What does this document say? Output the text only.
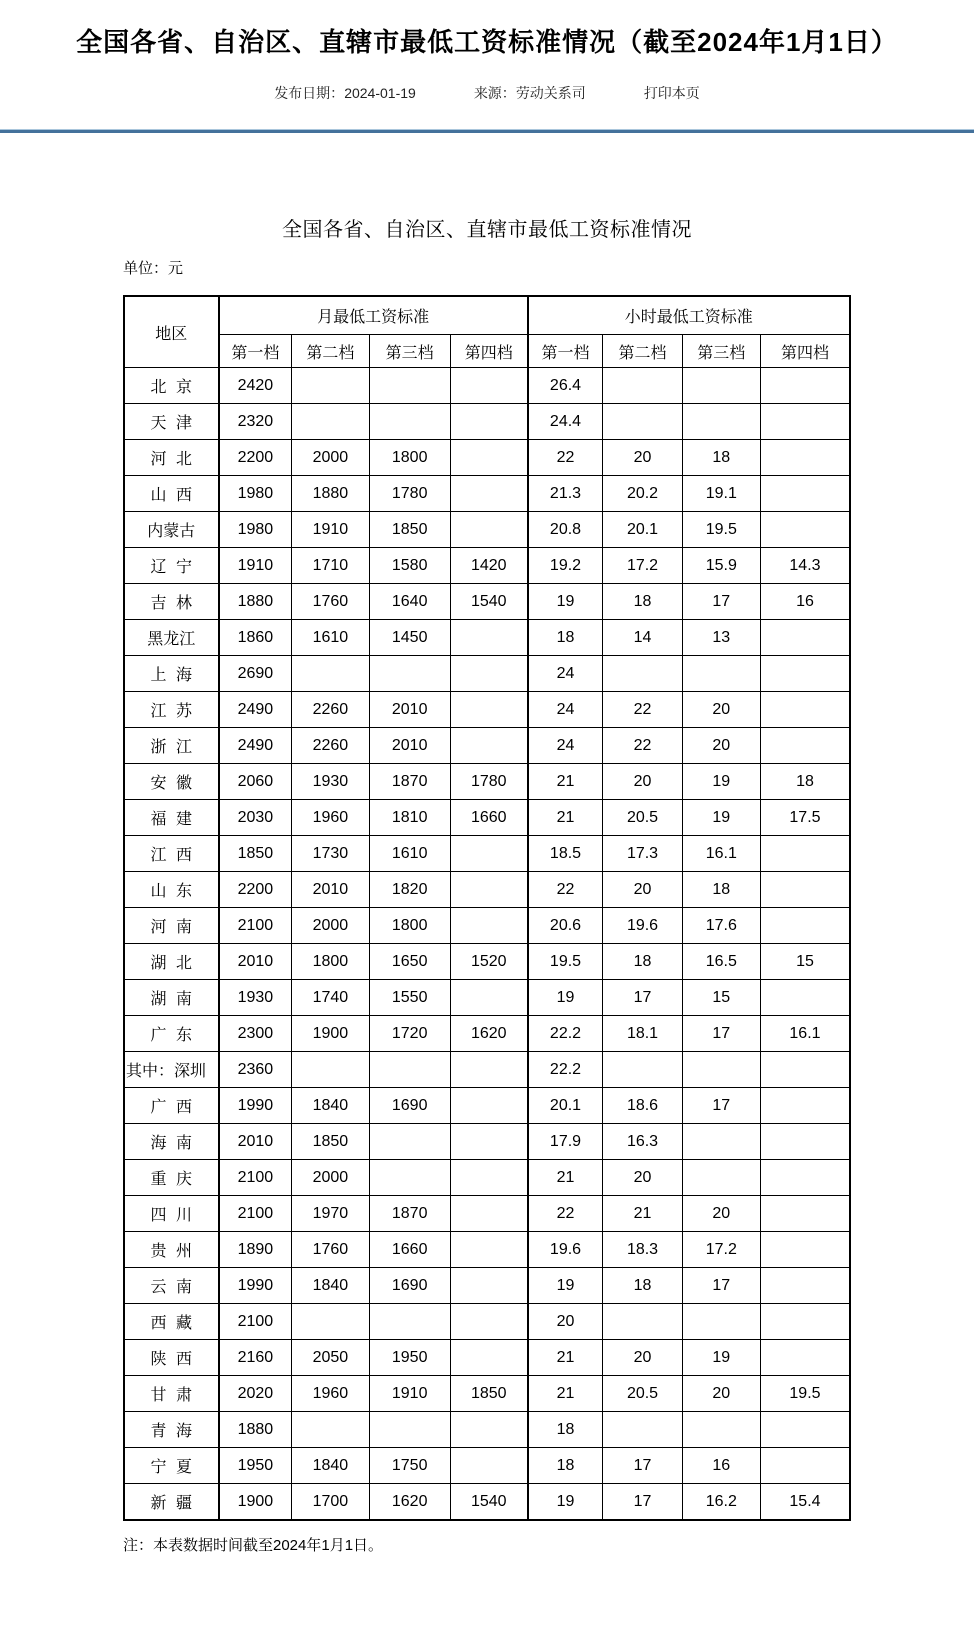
全国各省、自治区、直辖市最低工资标准情况（截至2024年1月1日）
发布日期：2024-01-19	来源：劳动关系司	打印本页
全国各省、自治区、直辖市最低工资标准情况
单位：元
地区	月最低工资标准				小时最低工资标准			
	第一档	第二档	第三档	第四档	第一档	第二档	第三档	第四档
北 京	2420				26.4			
天 津	2320				24.4			
河 北	2200	2000	1800		22	20	18	
山 西	1980	1880	1780		21.3	20.2	19.1	
内蒙古	1980	1910	1850		20.8	20.1	19.5	
辽 宁	1910	1710	1580	1420	19.2	17.2	15.9	14.3
吉 林	1880	1760	1640	1540	19	18	17	16
黑龙江	1860	1610	1450		18	14	13	
上 海	2690				24			
江 苏	2490	2260	2010		24	22	20	
浙 江	2490	2260	2010		24	22	20	
安 徽	2060	1930	1870	1780	21	20	19	18
福 建	2030	1960	1810	1660	21	20.5	19	17.5
江 西	1850	1730	1610		18.5	17.3	16.1	
山 东	2200	2010	1820		22	20	18	
河 南	2100	2000	1800		20.6	19.6	17.6	
湖 北	2010	1800	1650	1520	19.5	18	16.5	15
湖 南	1930	1740	1550		19	17	15	
广 东	2300	1900	1720	1620	22.2	18.1	17	16.1
其中：深圳	2360				22.2			
广 西	1990	1840	1690		20.1	18.6	17	
海 南	2010	1850			17.9	16.3		
重 庆	2100	2000			21	20		
四 川	2100	1970	1870		22	21	20	
贵 州	1890	1760	1660		19.6	18.3	17.2	
云 南	1990	1840	1690		19	18	17	
西 藏	2100				20			
陕 西	2160	2050	1950		21	20	19	
甘 肃	2020	1960	1910	1850	21	20.5	20	19.5
青 海	1880				18			
宁 夏	1950	1840	1750		18	17	16	
新 疆	1900	1700	1620	1540	19	17	16.2	15.4
注：本表数据时间截至2024年1月1日。
